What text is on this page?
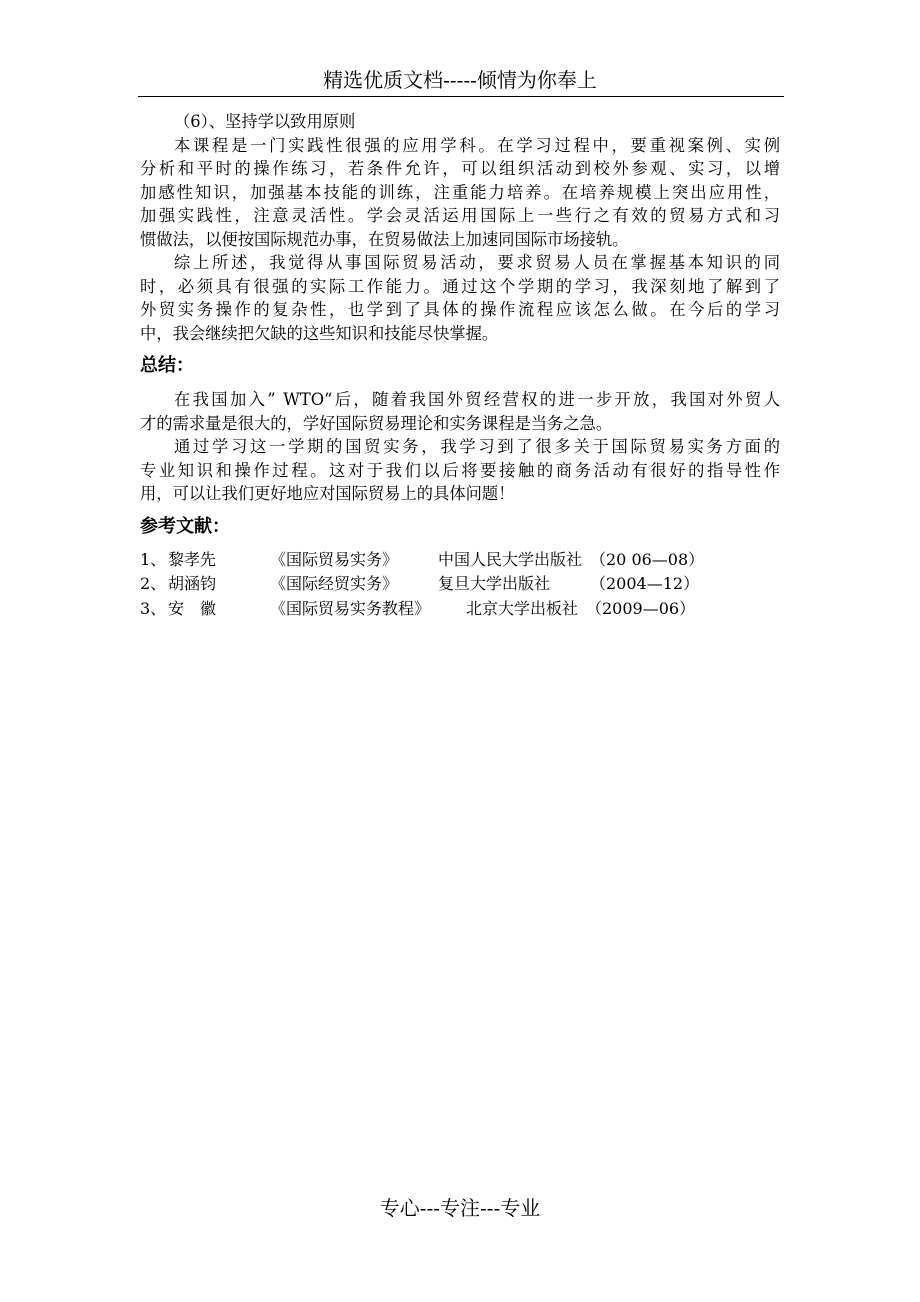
精选优质文档-----倾情为你奉上
（6）、坚持学以致用原则
本课程是一门实践性很强的应用学科。在学习过程中，要重视案例、实例
分析和平时的操作练习，若条件允许，可以组织活动到校外参观、实习，以增
加感性知识，加强基本技能的训练，注重能力培养。在培养规模上突出应用性，
加强实践性，注意灵活性。学会灵活运用国际上一些行之有效的贸易方式和习
惯做法，以便按国际规范办事，在贸易做法上加速同国际市场接轨。
综上所述，我觉得从事国际贸易活动，要求贸易人员在掌握基本知识的同
时，必须具有很强的实际工作能力。通过这个学期的学习，我深刻地了解到了
外贸实务操作的复杂性，也学到了具体的操作流程应该怎么做。在今后的学习
中，我会继续把欠缺的这些知识和技能尽快掌握。
总结：
在我国加入” WTO“后，随着我国外贸经营权的进一步开放，我国对外贸人
才的需求量是很大的，学好国际贸易理论和实务课程是当务之急。
通过学习这一学期的国贸实务，我学习到了很多关于国际贸易实务方面的
专业知识和操作过程。这对于我们以后将要接触的商务活动有很好的指导性作
用，可以让我们更好地应对国际贸易上的具体问题！
参考文献：
1、 黎孝先	《国际贸易实务》 中国人民大学出版社　（20 06—08）
2、 胡涵钧	《国际经贸实务》 复旦大学出版社　　　（2004—12）
3、 安　徽	《国际贸易实务教程》 北京大学出板社　（2009—06）
专心---专注---专业
